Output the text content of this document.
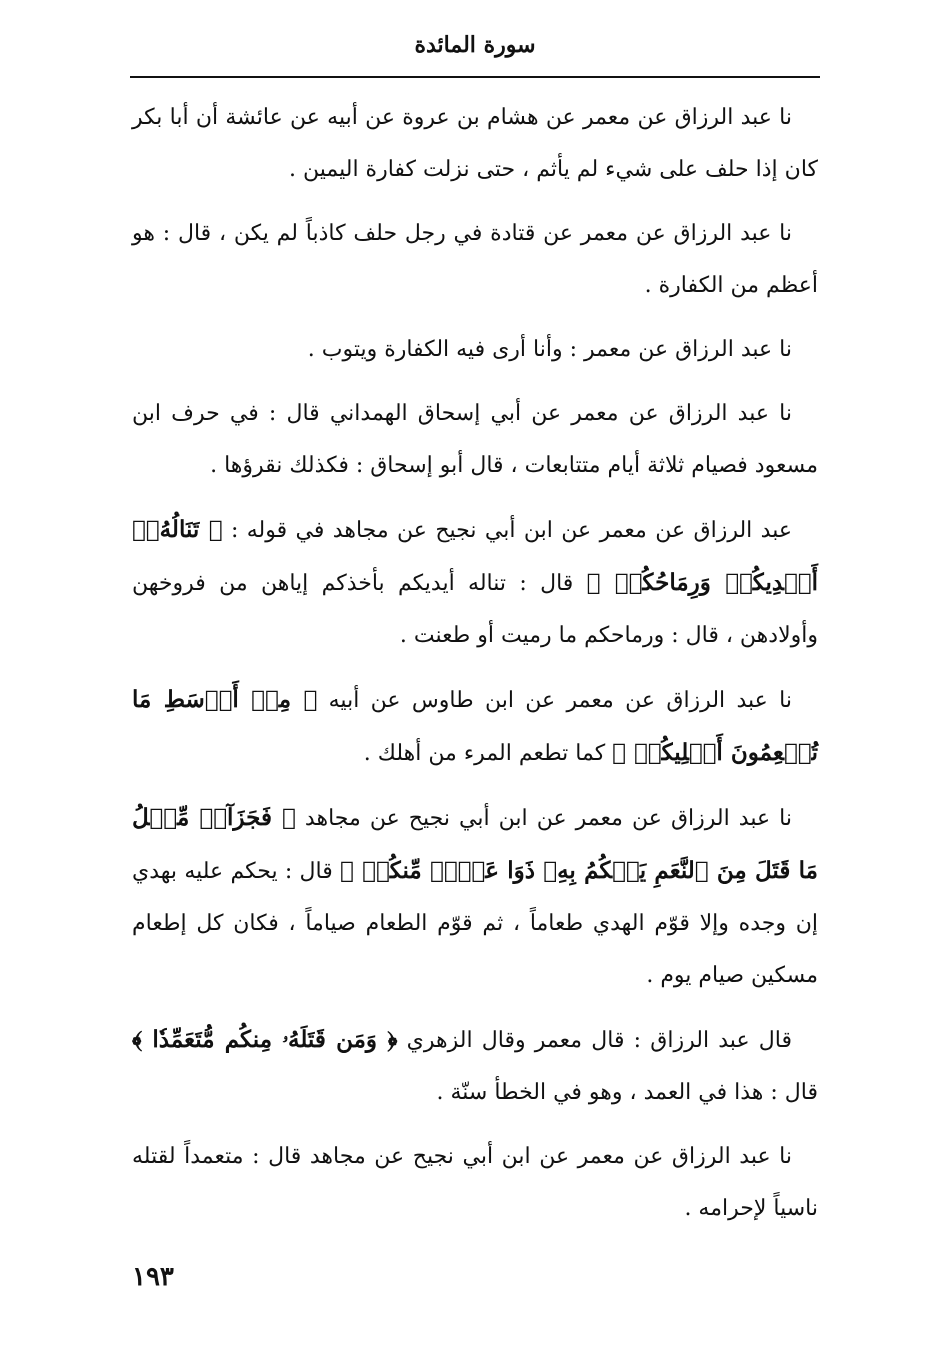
سورة المائدة

نا عبد الرزاق عن معمر عن هشام بن عروة عن أبيه عن عائشة أن أبا بكر كان إذا حلف على شيء لم يأثم ، حتى نزلت كفارة اليمين .

نا عبد الرزاق عن معمر عن قتادة في رجل حلف كاذباً لم يكن ، قال : هو أعظم من الكفارة .

نا عبد الرزاق عن معمر : وأنا أرى فيه الكفارة ويتوب .

نا عبد الرزاق عن معمر عن أبي إسحاق الهمداني قال : في حرف ابن مسعود فصيام ثلاثة أيام متتابعات ، قال أبو إسحاق : فكذلك نقرؤها .

عبد الرزاق عن معمر عن ابن أبي نجيح عن مجاهد في قوله : ﴿ تَنَالُهُۥٓ أَيۡدِيكُمۡ وَرِمَاحُكُمۡ ﴾ قال : تناله أيديكم بأخذكم إياهن من فروخهن وأولادهن ، قال : ورماحكم ما رميت أو طعنت .

نا عبد الرزاق عن معمر عن ابن طاوس عن أبيه ﴿ مِنۡ أَوۡسَطِ مَا تُطۡعِمُونَ أَهۡلِيكُمۡ ﴾ كما تطعم المرء من أهلك .

نا عبد الرزاق عن معمر عن ابن أبي نجيح عن مجاهد ﴿ فَجَزَآءٞ مِّثۡلُ مَا قَتَلَ مِنَ ٱلنَّعَمِ يَحۡكُمُ بِهِۦ ذَوَا عَدۡلٖ مِّنكُمۡ ﴾ قال : يحكم عليه بهدي إن وجده وإلا قوّم الهدي طعاماً ، ثم قوّم الطعام صياماً ، فكان كل إطعام مسكين صيام يوم .

قال عبد الرزاق : قال معمر وقال الزهري ﴿ وَمَن قَتَلَهُۥ مِنكُم مُّتَعَمِّدٗا ﴾ قال : هذا في العمد ، وهو في الخطأ سنّة .

نا عبد الرزاق عن معمر عن ابن أبي نجيح عن مجاهد قال : متعمداً لقتله ناسياً لإحرامه .

١٩٣
